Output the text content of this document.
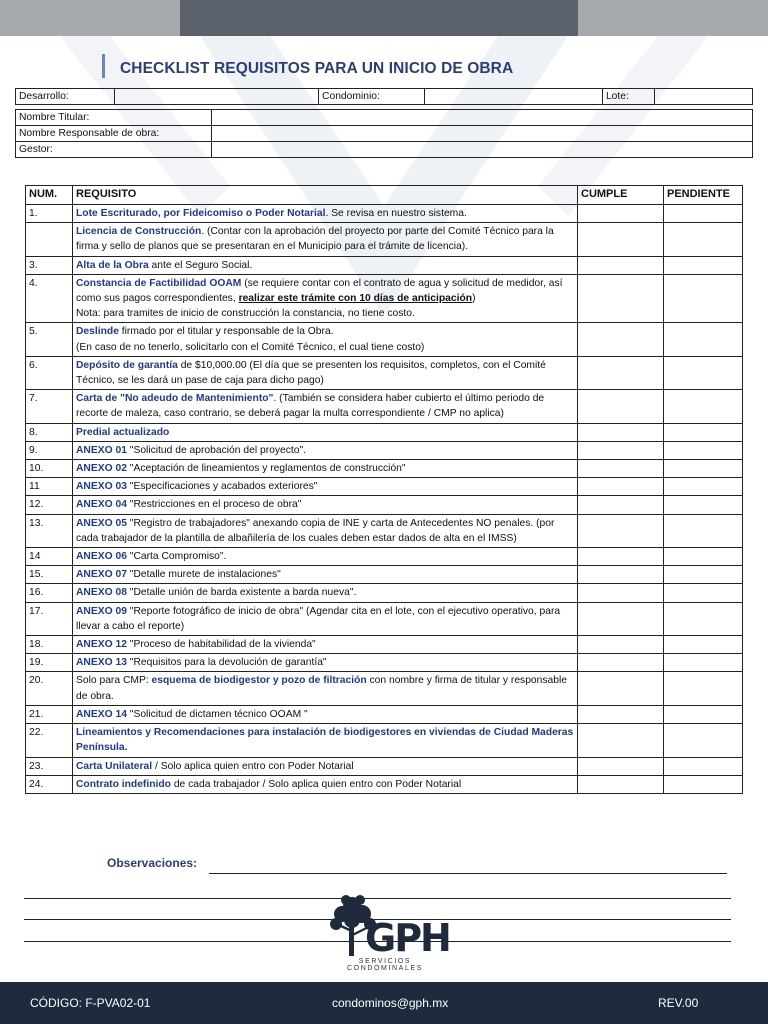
CHECKLIST REQUISITOS PARA UN INICIO DE OBRA
Desarrollo:		Condominio:		Lote:	
Nombre Titular:	
Nombre Responsable de obra:	
Gestor:	
NUM.	REQUISITO	CUMPLE	PENDIENTE
1.	Lote Escriturado, por Fideicomiso o Poder Notarial. Se revisa en nuestro sistema.		
	Licencia de Construcción. (Contar con la aprobación del proyecto por parte del Comité Técnico para la firma y sello de planos que se presentaran en el Municipio para el trámite de licencia).		
3.	Alta de la Obra ante el Seguro Social.		
4.	Constancia de Factibilidad OOAM (se requiere contar con el contrato de agua y solicitud de medidor, así como sus pagos correspondientes, realizar este trámite con 10 días de anticipación)
Nota: para tramites de inicio de construcción la constancia, no tiene costo.		

5.	Deslinde firmado por el titular y responsable de la Obra.
(En caso de no tenerlo, solicitarlo con el Comité Técnico, el cual tiene costo)		

6.	Depósito de garantía de $10,000.00 (El día que se presenten los requisitos, completos, con el Comité Técnico, se les dará un pase de caja para dicho pago)		
7.	Carta de "No adeudo de Mantenimiento". (También se considera haber cubierto el último periodo de recorte de maleza, caso contrario, se deberá pagar la multa correspondiente / CMP no aplica)		
8.	Predial actualizado		
9.	ANEXO 01 "Solicitud de aprobación del proyecto".		
10.	ANEXO 02 "Aceptación de lineamientos y reglamentos de construcción"		
11	ANEXO 03 "Especificaciones y acabados exteriores"		
12.	ANEXO 04 "Restricciones en el proceso de obra"		
13.	ANEXO 05 "Registro de trabajadores" anexando copia de INE y carta de Antecedentes NO penales. (por cada trabajador de la plantilla de albañilería de los cuales deben estar dados de alta en el IMSS)		
14	ANEXO 06 "Carta Compromiso".		
15.	ANEXO 07 "Detalle murete de instalaciones"		
16.	ANEXO 08 "Detalle unión de barda existente a barda nueva".		
17.	ANEXO 09 "Reporte fotográfico de inicio de obra" (Agendar cita en el lote, con el ejecutivo operativo, para llevar a cabo el reporte)		
18.	ANEXO 12 "Proceso de habitabilidad de la vivienda"		
19.	ANEXO 13 "Requisitos para la devolución de garantía"		
20.	Solo para CMP: esquema de biodigestor y pozo de filtración con nombre y firma de titular y responsable de obra.		
21.	ANEXO 14 "Solicitud de dictamen técnico OOAM "		
22.	Lineamientos y Recomendaciones para instalación de biodigestores en viviendas de Ciudad Maderas Península.		
23.	Carta Unilateral / Solo aplica quien entro con Poder Notarial		
24.	Contrato indefinido de cada trabajador / Solo aplica quien entro con Poder Notarial		
Observaciones:
GPH
SERVICIOS CONDOMINALES
CÓDIGO: F-PVA02-01	condominos@gph.mx	REV.00
